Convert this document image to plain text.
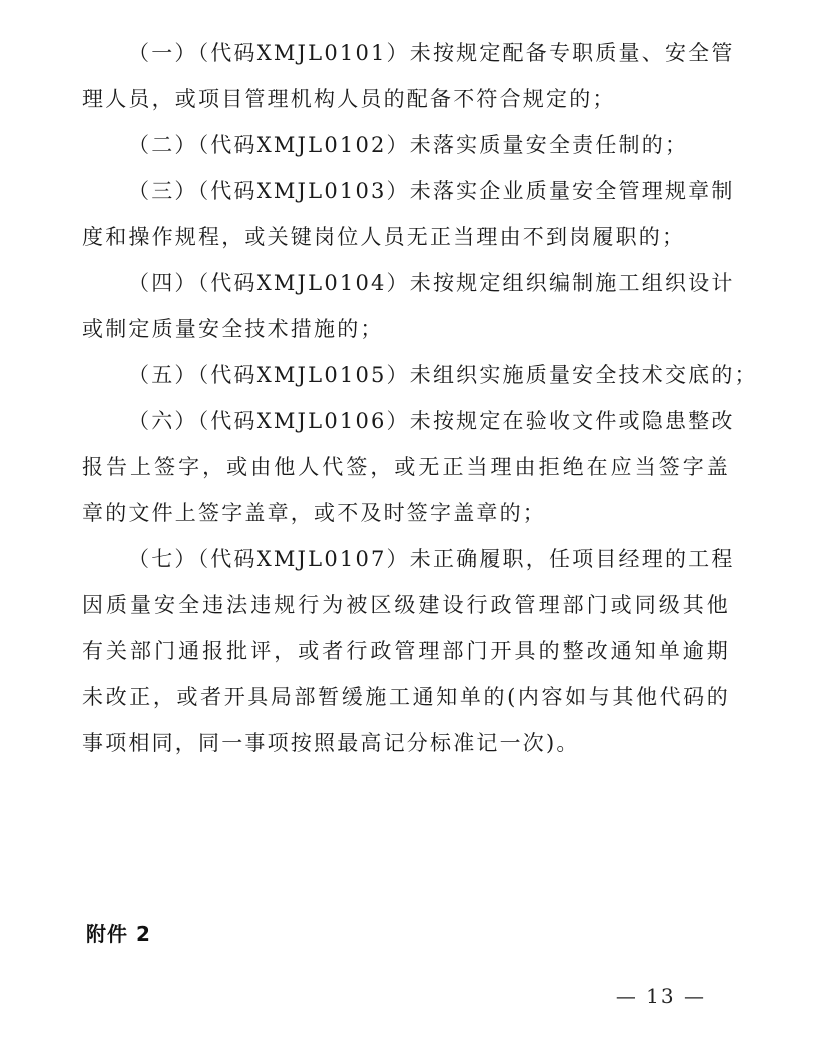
（一）（代码XMJL0101）未按规定配备专职质量、安全管
理人员，或项目管理机构人员的配备不符合规定的；

（二）（代码XMJL0102）未落实质量安全责任制的；

（三）（代码XMJL0103）未落实企业质量安全管理规章制
度和操作规程，或关键岗位人员无正当理由不到岗履职的；

（四）（代码XMJL0104）未按规定组织编制施工组织设计
或制定质量安全技术措施的；

（五）（代码XMJL0105）未组织实施质量安全技术交底的；

（六）（代码XMJL0106）未按规定在验收文件或隐患整改
报告上签字，或由他人代签，或无正当理由拒绝在应当签字盖
章的文件上签字盖章，或不及时签字盖章的；

（七）（代码XMJL0107）未正确履职，任项目经理的工程
因质量安全违法违规行为被区级建设行政管理部门或同级其他
有关部门通报批评，或者行政管理部门开具的整改通知单逾期
未改正，或者开具局部暂缓施工通知单的(内容如与其他代码的
事项相同，同一事项按照最高记分标准记一次)。

附件 2
— 13 —
